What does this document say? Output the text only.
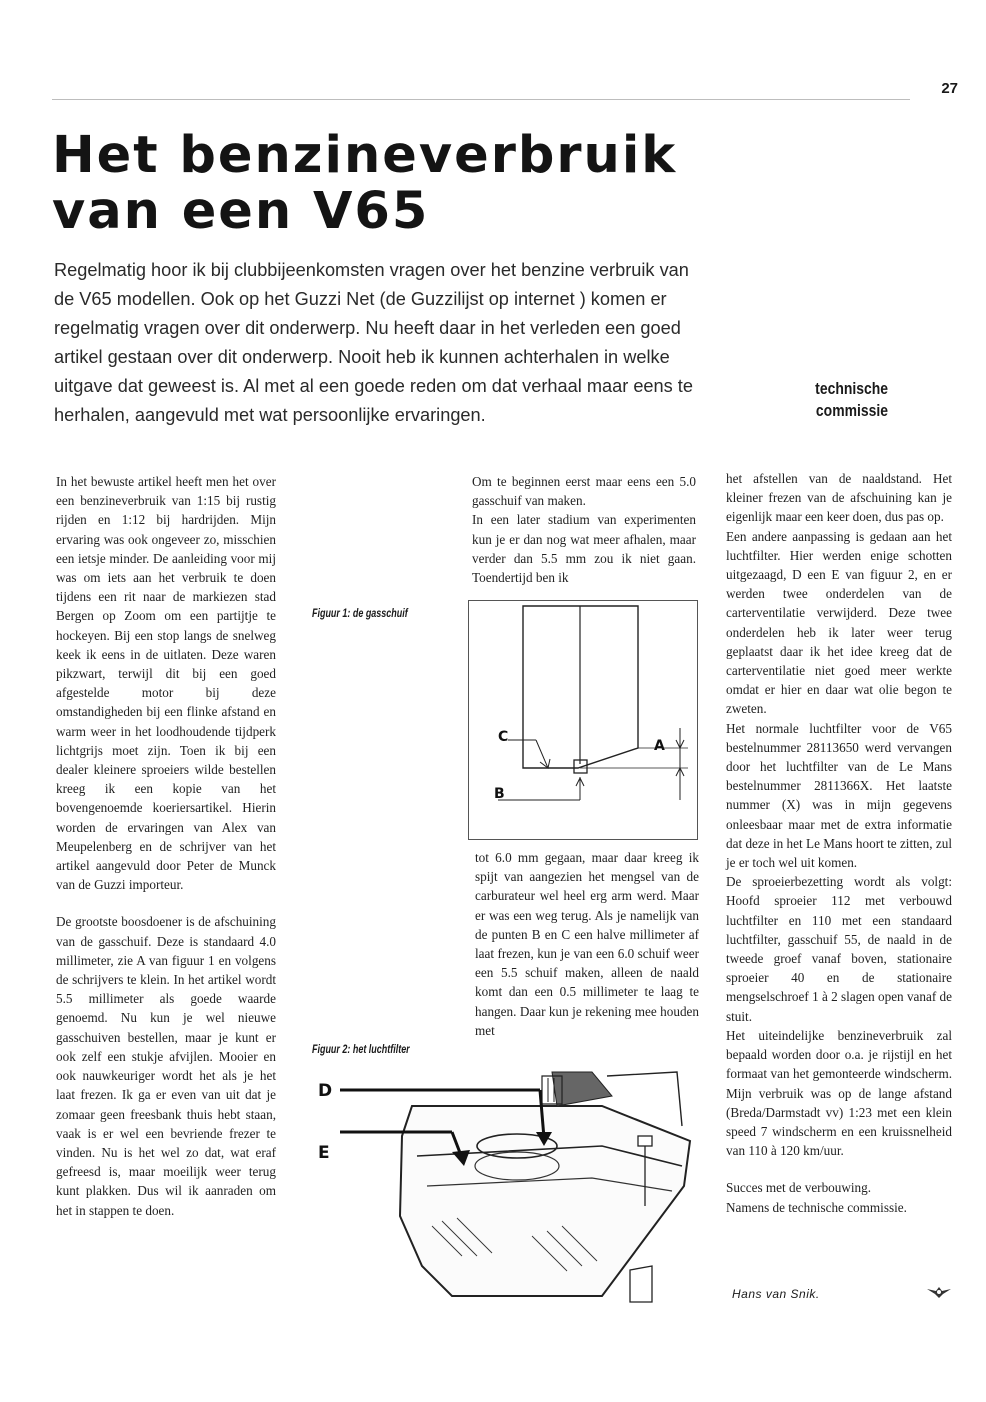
27
Het benzineverbruik
van een V65

Regelmatig hoor ik bij clubbijeenkomsten vragen over het benzine verbruik van de V65 modellen. Ook op het Guzzi Net (de Guzzilijst op internet ) komen er regelmatig vragen over dit onderwerp. Nu heeft daar in het verleden een goed artikel gestaan over dit onderwerp. Nooit heb ik kunnen achterhalen in welke uitgave dat geweest is. Al met al een goede reden om dat verhaal maar eens te herhalen, aangevuld met wat persoonlijke ervaringen.

technische
commissie

In het bewuste artikel heeft men het over een benzineverbruik van 1:15 bij rustig rijden en 1:12 bij hardrijden. Mijn ervaring was ook ongeveer zo, misschien een ietsje minder. De aanleiding voor mij was om iets aan het verbruik te doen tijdens een rit naar de markiezen stad Bergen op Zoom om een partijtje te hockeyen. Bij een stop langs de snelweg keek ik eens in de uitlaten. Deze waren pikzwart, terwijl dit bij een goed afgestelde motor bij deze omstandigheden bij een flinke afstand en warm weer in het loodhoudende tijdperk lichtgrijs moet zijn. Toen ik bij een dealer kleinere sproeiers wilde bestellen kreeg ik een kopie van het bovengenoemde koeriersartikel. Hierin worden de ervaringen van Alex van Meupelenberg en de schrijver van het artikel aangevuld door Peter de Munck van de Guzzi importeur.

De grootste boosdoener is de afschuining van de gasschuif. Deze is standaard 4.0 millimeter, zie A van figuur 1 en volgens de schrijvers te klein. In het artikel wordt 5.5 millimeter als goede waarde genoemd. Nu kun je wel nieuwe gasschuiven bestellen, maar je kunt er ook zelf een stukje afvijlen. Mooier en ook nauwkeuriger wordt het als je het laat frezen. Ik ga er even van uit dat je zomaar geen freesbank thuis hebt staan, vaak is er wel een bevriende frezer te vinden. Nu is het wel zo dat, wat eraf gefreesd is, maar moeilijk weer terug kunt plakken. Dus wil ik aanraden om het in stappen te doen.

Figuur 1: de gasschuif
Figuur 2: het luchtfilter

Om te beginnen eerst maar eens een 5.0 gasschuif van maken.

In een later stadium van experimenten kun je er dan nog wat meer afhalen, maar verder dan 5.5 mm zou ik niet gaan. Toendertijd ben ik

C
A
B

tot 6.0 mm gegaan, maar daar kreeg ik spijt van aangezien het mengsel van de carburateur wel heel erg arm werd. Maar er was een weg terug. Als je namelijk van de punten B en C een halve millimeter af laat frezen, kun je van een 6.0 schuif weer een 5.5 schuif maken, alleen de naald komt dan een 0.5 millimeter te laag te hangen. Daar kun je rekening mee houden met

D
E

het afstellen van de naaldstand. Het kleiner frezen van de afschuining kan je eigenlijk maar een keer doen, dus pas op.

Een andere aanpassing is gedaan aan het luchtfilter. Hier werden enige schotten uitgezaagd, D een E van figuur 2, en er werden twee onderdelen van de carterventilatie verwijderd. Deze twee onderdelen heb ik later weer terug geplaatst daar ik het idee kreeg dat de carterventilatie niet goed meer werkte omdat er hier en daar wat olie begon te zweten.

Het normale luchtfilter voor de V65 bestelnummer 28113650 werd vervangen door het luchtfilter van de Le Mans bestelnummer 2811366X. Het laatste nummer (X) was in mijn gegevens onleesbaar maar met de extra informatie dat deze in het Le Mans hoort te zitten, zul je er toch wel uit komen.

De sproeierbezetting wordt als volgt: Hoofd sproeier 112 met verbouwd luchtfilter en 110 met een standaard luchtfilter, gasschuif 55, de naald in de tweede groef vanaf boven, stationaire sproeier 40 en de stationaire mengselschroef 1 à 2 slagen open vanaf de stuit.

Het uiteindelijke benzineverbruik zal bepaald worden door o.a. je rijstijl en het formaat van het gemonteerde windscherm. Mijn verbruik was op de lange afstand (Breda/Darmstadt vv) 1:23 met een klein speed 7 windscherm en een kruissnelheid van 110 à 120 km/uur.

Succes met de verbouwing.

Namens de technische commissie.

Hans van Snik.
